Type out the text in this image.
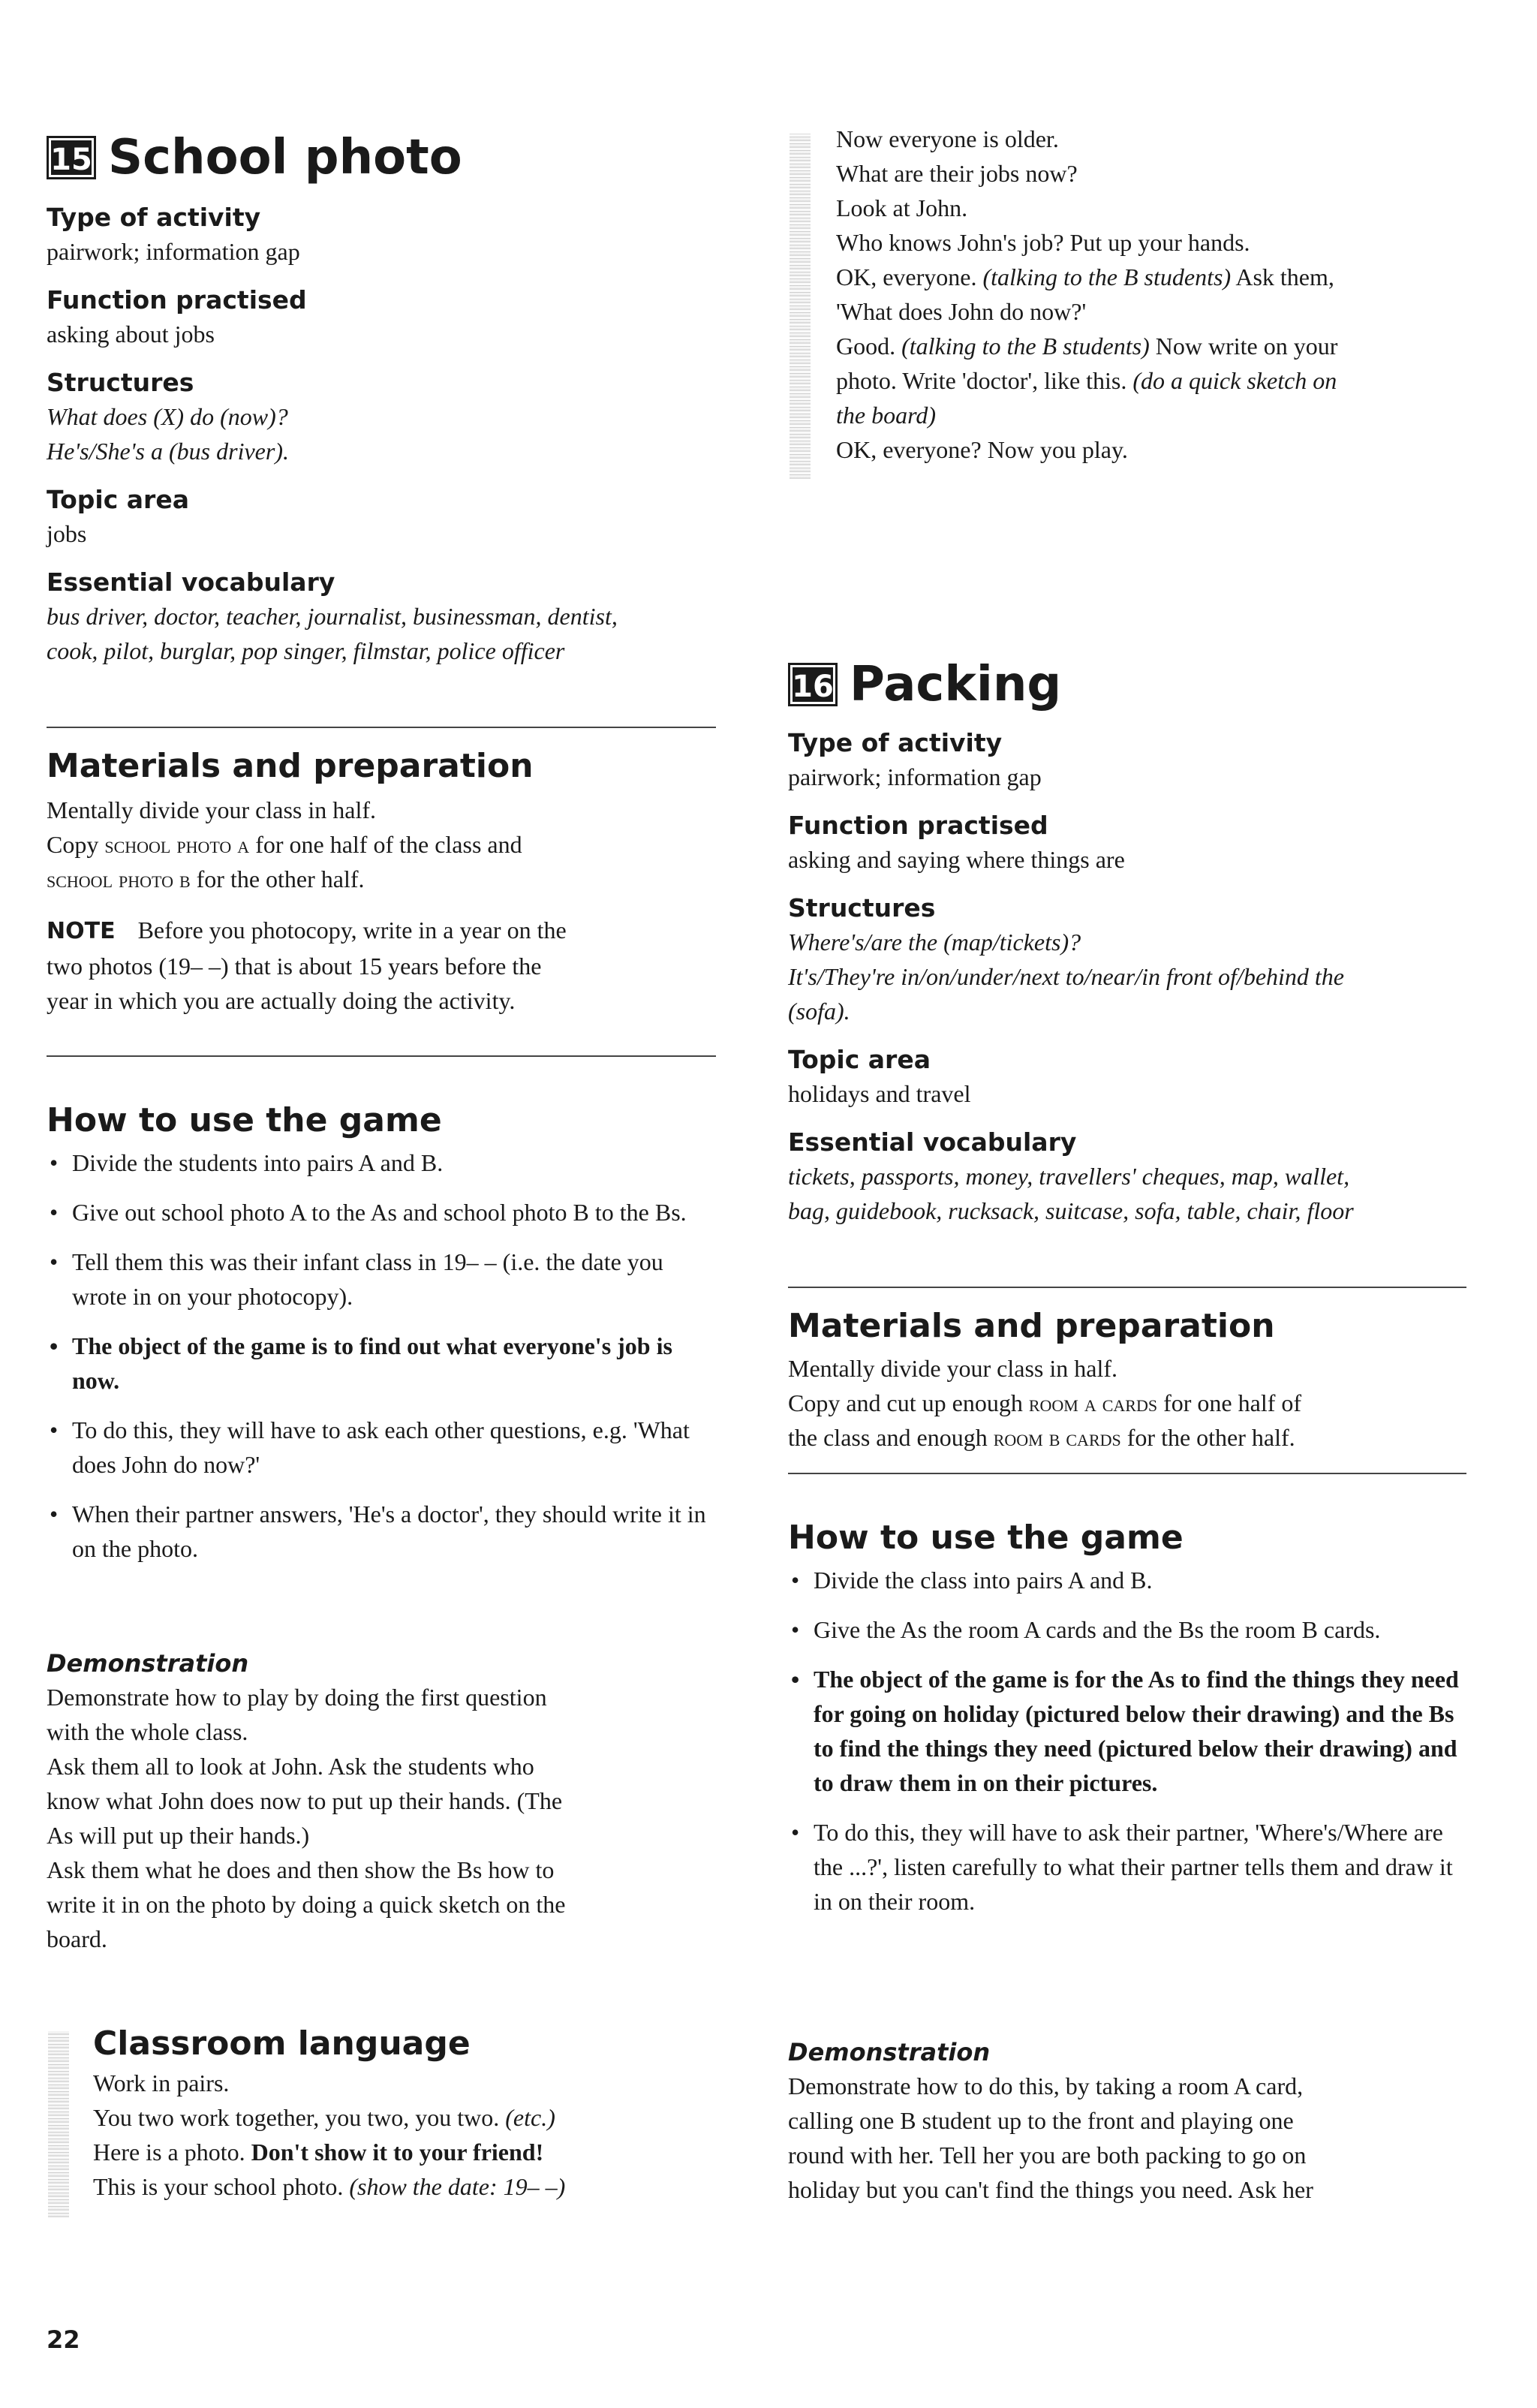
15 School photo
Type of activity
pairwork; information gap
Function practised
asking about jobs
Structures
What does (X) do (now)?
He's/She's a (bus driver).
Topic area
jobs
Essential vocabulary
bus driver, doctor, teacher, journalist, businessman, dentist,
cook, pilot, burglar, pop singer, filmstar, police officer
Materials and preparation
Mentally divide your class in half.
Copy school photo a for one half of the class and
school photo b for the other half.
NOTE Before you photocopy, write in a year on the
two photos (19– –) that is about 15 years before the
year in which you are actually doing the activity.
How to use the game
• Divide the students into pairs A and B.
• Give out school photo A to the As and school photo B to the Bs.
• Tell them this was their infant class in 19– – (i.e. the date you wrote in on your photocopy).
• The object of the game is to find out what everyone's job is now.
• To do this, they will have to ask each other questions, e.g. 'What does John do now?'
• When their partner answers, 'He's a doctor', they should write it in on the photo.
Demonstration
Demonstrate how to play by doing the first question
with the whole class.
Ask them all to look at John. Ask the students who
know what John does now to put up their hands. (The
As will put up their hands.)
Ask them what he does and then show the Bs how to
write it in on the photo by doing a quick sketch on the
board.
Classroom language
Work in pairs.
You two work together, you two, you two. (etc.)
Here is a photo. Don't show it to your friend!
This is your school photo. (show the date: 19– –)
Now everyone is older.
What are their jobs now?
Look at John.
Who knows John's job? Put up your hands.
OK, everyone. (talking to the B students) Ask them,
'What does John do now?'
Good. (talking to the B students) Now write on your
photo. Write 'doctor', like this. (do a quick sketch on
the board)
OK, everyone? Now you play.
16 Packing
Type of activity
pairwork; information gap
Function practised
asking and saying where things are
Structures
Where's/are the (map/tickets)?
It's/They're in/on/under/next to/near/in front of/behind the
(sofa).
Topic area
holidays and travel
Essential vocabulary
tickets, passports, money, travellers' cheques, map, wallet,
bag, guidebook, rucksack, suitcase, sofa, table, chair, floor
Materials and preparation
Mentally divide your class in half.
Copy and cut up enough room a cards for one half of
the class and enough room b cards for the other half.
How to use the game
• Divide the class into pairs A and B.
• Give the As the room A cards and the Bs the room B cards.
• The object of the game is for the As to find the things they need for going on holiday (pictured below their drawing) and the Bs to find the things they need (pictured below their drawing) and to draw them in on their pictures.
• To do this, they will have to ask their partner, 'Where's/Where are the ...?', listen carefully to what their partner tells them and draw it in on their room.
Demonstration
Demonstrate how to do this, by taking a room A card,
calling one B student up to the front and playing one
round with her. Tell her you are both packing to go on
holiday but you can't find the things you need. Ask her
22
